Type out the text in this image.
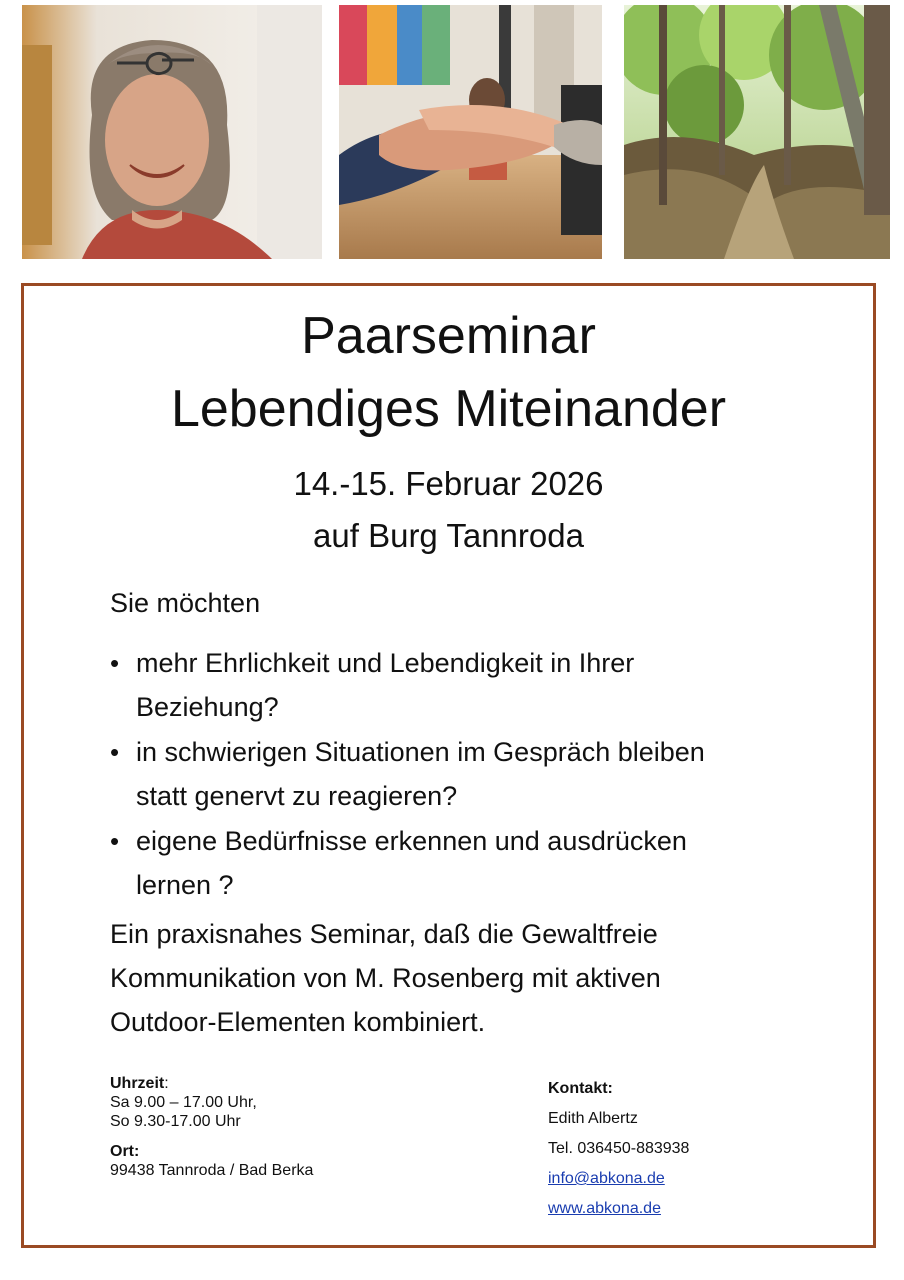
Paarseminar
Lebendiges Miteinander
14.-15. Februar 2026
auf Burg Tannroda

Sie möchten

• mehr Ehrlichkeit und Lebendigkeit in Ihrer
Beziehung?
• in schwierigen Situationen im Gespräch bleiben
statt genervt zu reagieren?
• eigene Bedürfnisse erkennen und ausdrücken
lernen ?

Ein praxisnahes Seminar, daß die Gewaltfreie
Kommunikation von M. Rosenberg mit aktiven
Outdoor-Elementen kombiniert.

Uhrzeit:
Sa 9.00 – 17.00 Uhr,
So 9.30-17.00 Uhr
Ort:
99438 Tannroda / Bad Berka
Kontakt:
Edith Albertz
Tel. 036450-883938
info@abkona.de
www.abkona.de
